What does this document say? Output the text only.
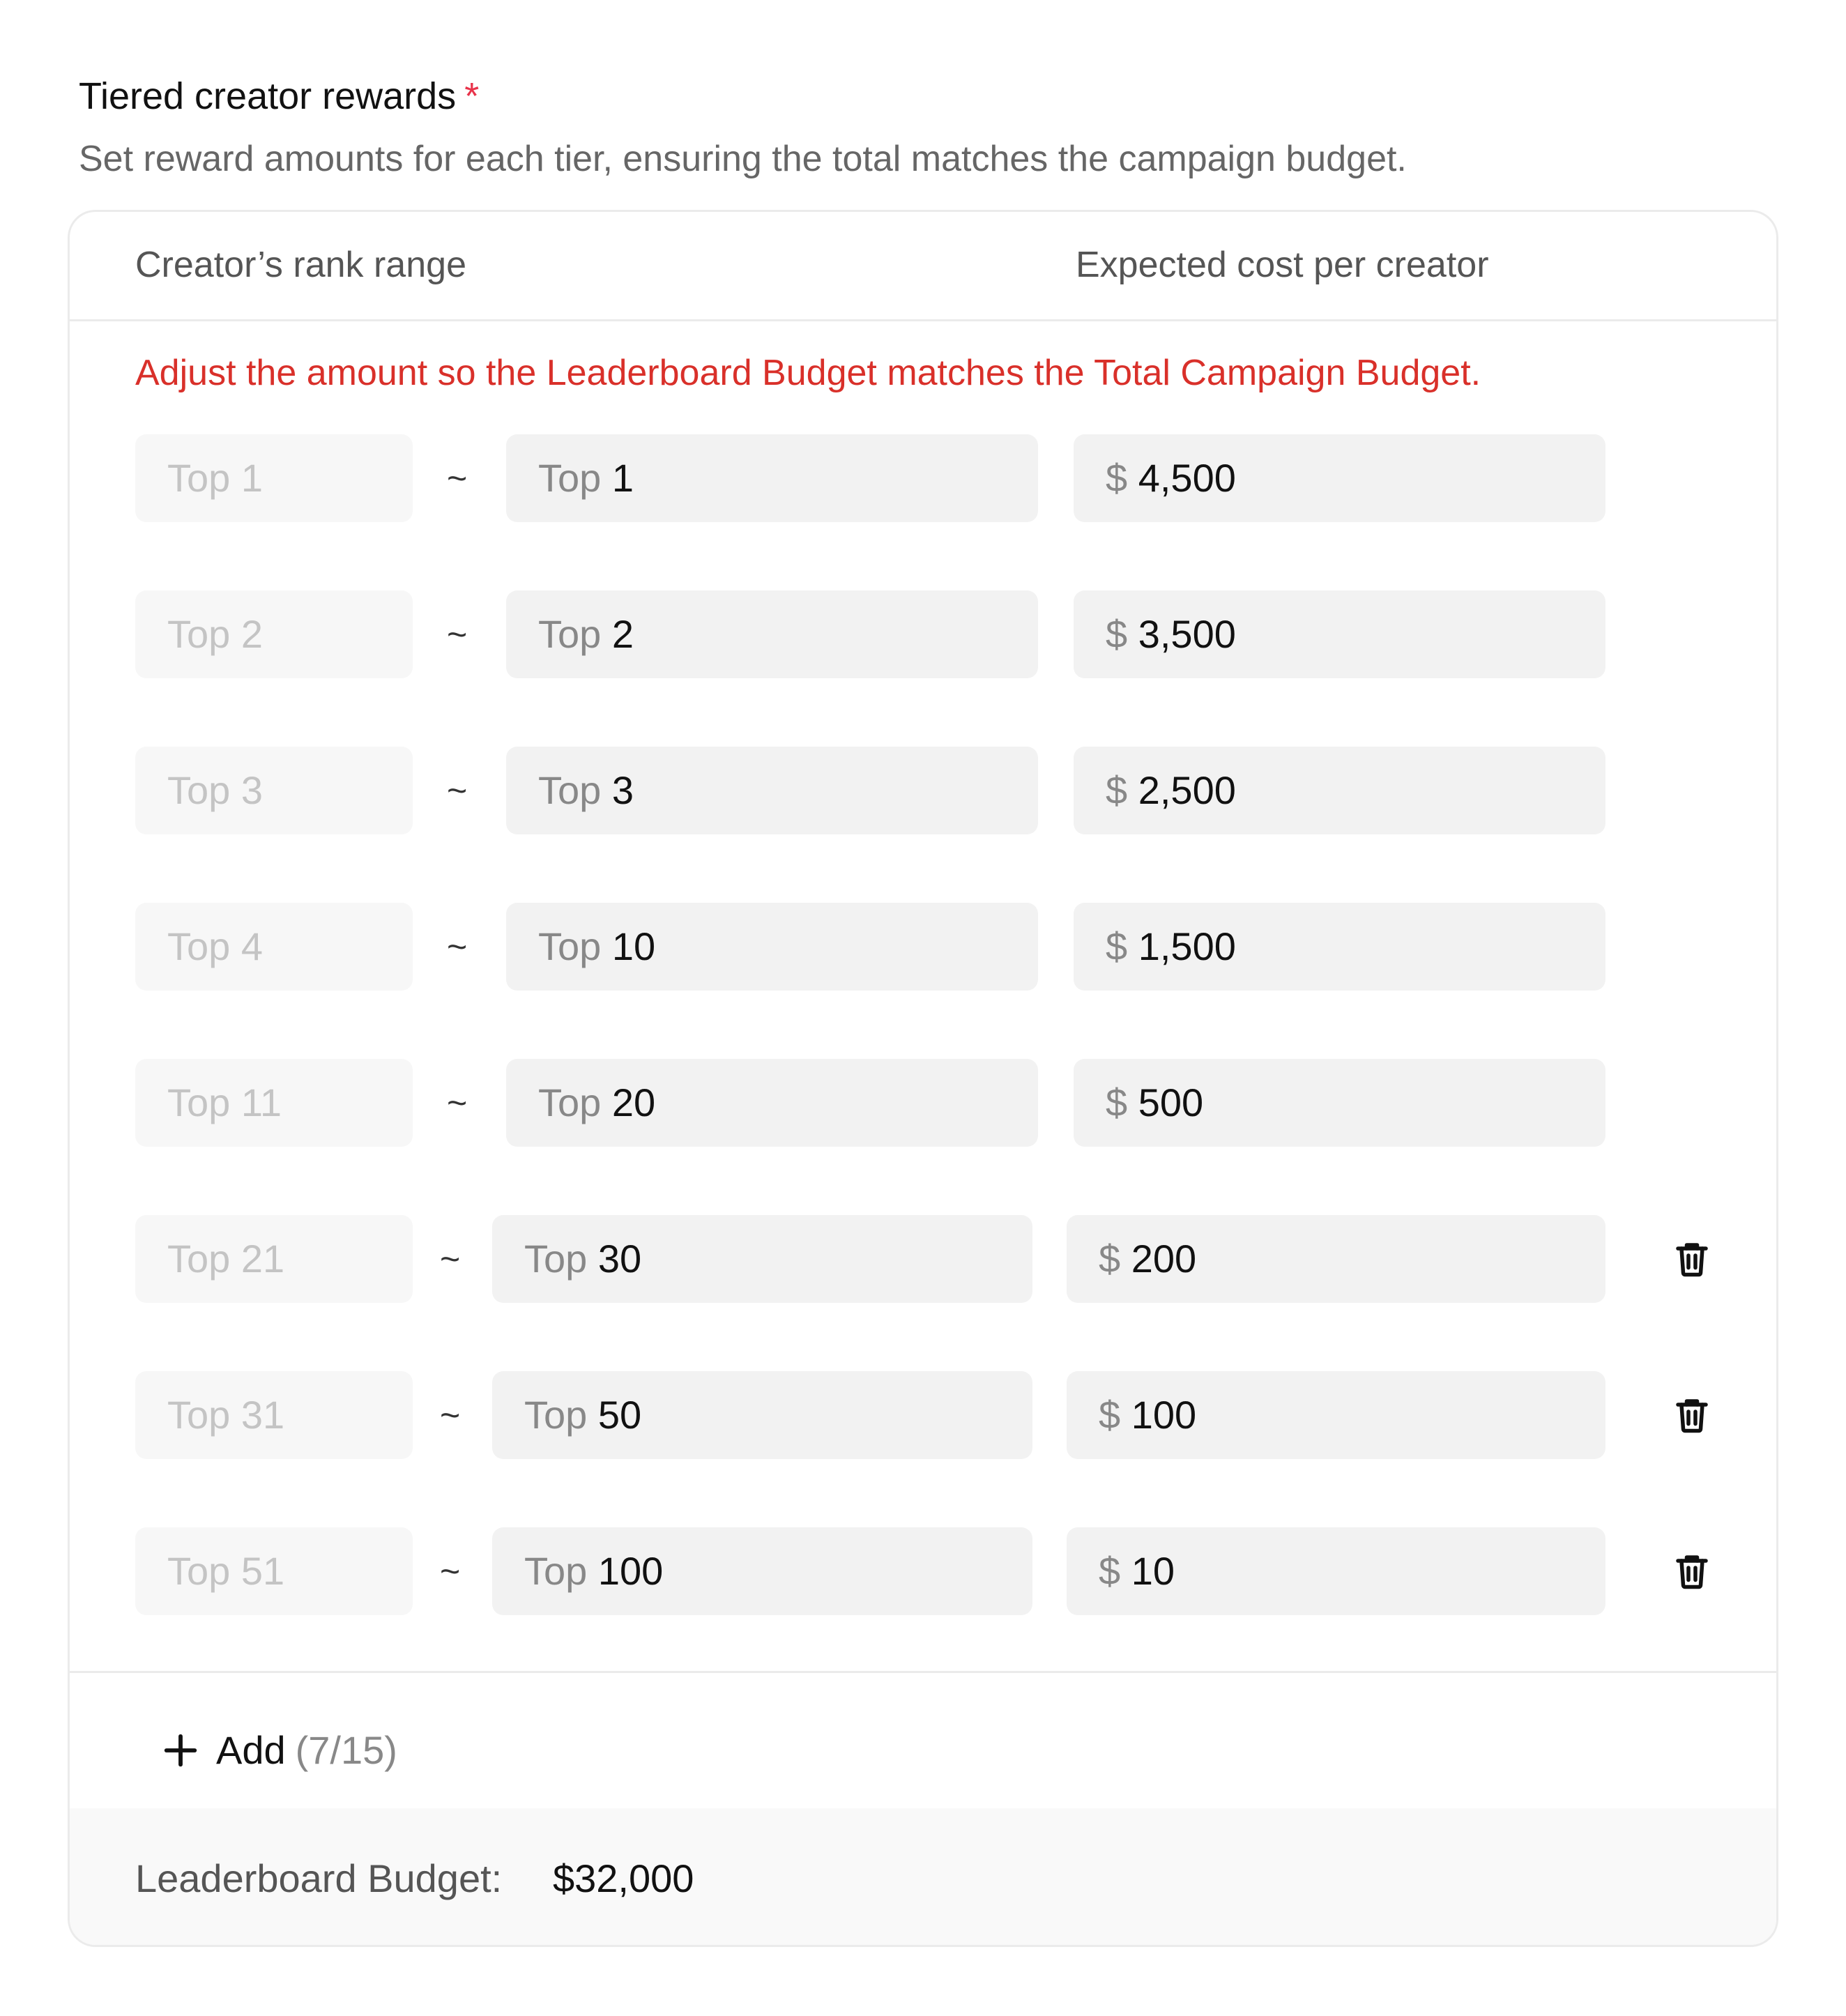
Tiered creator rewards *
Set reward amounts for each tier, ensuring the total matches the campaign budget.
Creator’s rank range	Expected cost per creator
Adjust the amount so the Leaderboard Budget matches the Total Campaign Budget.
Top 1	~	Top 1	$ 4,500
Top 2	~	Top 2	$ 3,500
Top 3	~	Top 3	$ 2,500
Top 4	~	Top 10	$ 1,500
Top 11	~	Top 20	$ 500
Top 21	~	Top 30	$ 200
Top 31	~	Top 50	$ 100
Top 51	~	Top 100	$ 10
Add (7/15)
Leaderboard Budget: $32,000
